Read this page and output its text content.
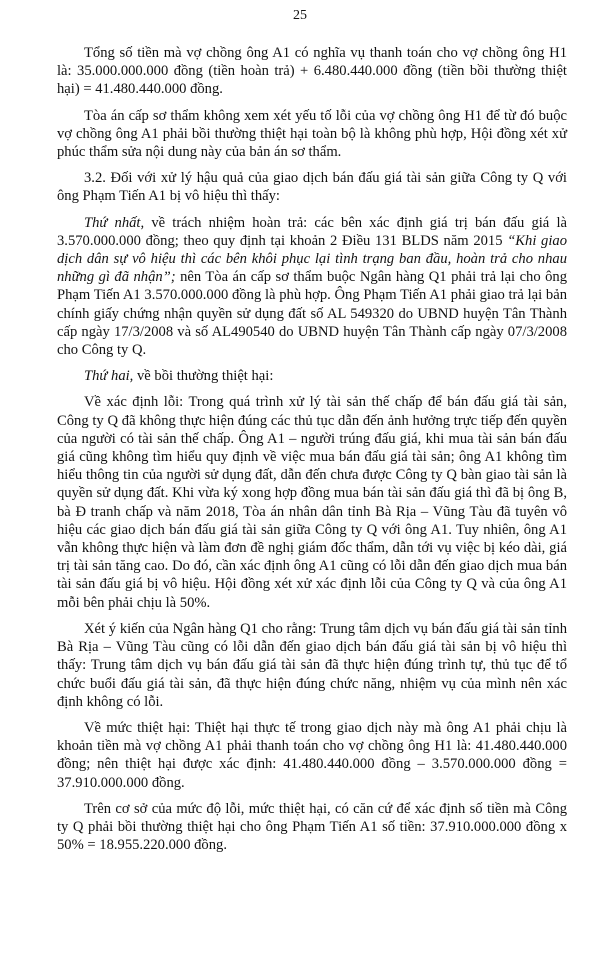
25

Tổng số tiền mà vợ chồng ông A1 có nghĩa vụ thanh toán cho vợ chồng ông H1 là: 35.000.000.000 đồng (tiền hoàn trả) + 6.480.440.000 đồng (tiền bồi thường thiệt hại) = 41.480.440.000 đồng.

Tòa án cấp sơ thẩm không xem xét yếu tố lỗi của vợ chồng ông H1 để từ đó buộc vợ chồng ông A1 phải bồi thường thiệt hại toàn bộ là không phù hợp, Hội đồng xét xử phúc thẩm sửa nội dung này của bản án sơ thẩm.

3.2. Đối với xử lý hậu quả của giao dịch bán đấu giá tài sản giữa Công ty Q với ông Phạm Tiến A1 bị vô hiệu thì thấy:

Thứ nhất, về trách nhiệm hoàn trả: các bên xác định giá trị bán đấu giá là 3.570.000.000 đồng; theo quy định tại khoản 2 Điều 131 BLDS năm 2015 “Khi giao dịch dân sự vô hiệu thì các bên khôi phục lại tình trạng ban đầu, hoàn trả cho nhau những gì đã nhận”; nên Tòa án cấp sơ thẩm buộc Ngân hàng Q1 phải trả lại cho ông Phạm Tiến A1 3.570.000.000 đồng là phù hợp. Ông Phạm Tiến A1 phải giao trả lại bản chính giấy chứng nhận quyền sử dụng đất số AL 549320 do UBND huyện Tân Thành cấp ngày 17/3/2008 và số AL490540 do UBND huyện Tân Thành cấp ngày 07/3/2008 cho Công ty Q.

Thứ hai, về bồi thường thiệt hại:

Về xác định lỗi: Trong quá trình xử lý tài sản thế chấp để bán đấu giá tài sản, Công ty Q đã không thực hiện đúng các thủ tục dẫn đến ảnh hưởng trực tiếp đến quyền của người có tài sản thế chấp. Ông A1 – người trúng đấu giá, khi mua tài sản bán đấu giá cũng không tìm hiểu quy định về việc mua bán đấu giá tài sản; ông A1 không tìm hiểu thông tin của người sử dụng đất, dẫn đến chưa được Công ty Q bàn giao tài sản là quyền sử dụng đất. Khi vừa ký xong hợp đồng mua bán tài sản đấu giá thì đã bị ông B, bà Đ tranh chấp và năm 2018, Tòa án nhân dân tỉnh Bà Rịa – Vũng Tàu đã tuyên vô hiệu các giao dịch bán đấu giá tài sản giữa Công ty Q với ông A1. Tuy nhiên, ông A1 vẫn không thực hiện và làm đơn đề nghị giám đốc thẩm, dẫn tới vụ việc bị kéo dài, giá trị tài sản tăng cao. Do đó, cần xác định ông A1 cũng có lỗi dẫn đến giao dịch mua bán tài sản đấu giá bị vô hiệu. Hội đồng xét xử xác định lỗi của Công ty Q và của ông A1 mỗi bên phải chịu là 50%.

Xét ý kiến của Ngân hàng Q1 cho rằng: Trung tâm dịch vụ bán đấu giá tài sản tỉnh Bà Rịa – Vũng Tàu cũng có lỗi dẫn đến giao dịch bán đấu giá tài sản bị vô hiệu thì thấy: Trung tâm dịch vụ bán đấu giá tài sản đã thực hiện đúng trình tự, thủ tục để tổ chức buổi đấu giá tài sản, đã thực hiện đúng chức năng, nhiệm vụ của mình nên xác định không có lỗi.

Về mức thiệt hại: Thiệt hại thực tế trong giao dịch này mà ông A1 phải chịu là khoản tiền mà vợ chồng A1 phải thanh toán cho vợ chồng ông H1 là: 41.480.440.000 đồng; nên thiệt hại được xác định: 41.480.440.000 đồng – 3.570.000.000 đồng = 37.910.000.000 đồng.

Trên cơ sở của mức độ lỗi, mức thiệt hại, có căn cứ để xác định số tiền mà Công ty Q phải bồi thường thiệt hại cho ông Phạm Tiến A1 số tiền: 37.910.000.000 đồng x 50% = 18.955.220.000 đồng.
